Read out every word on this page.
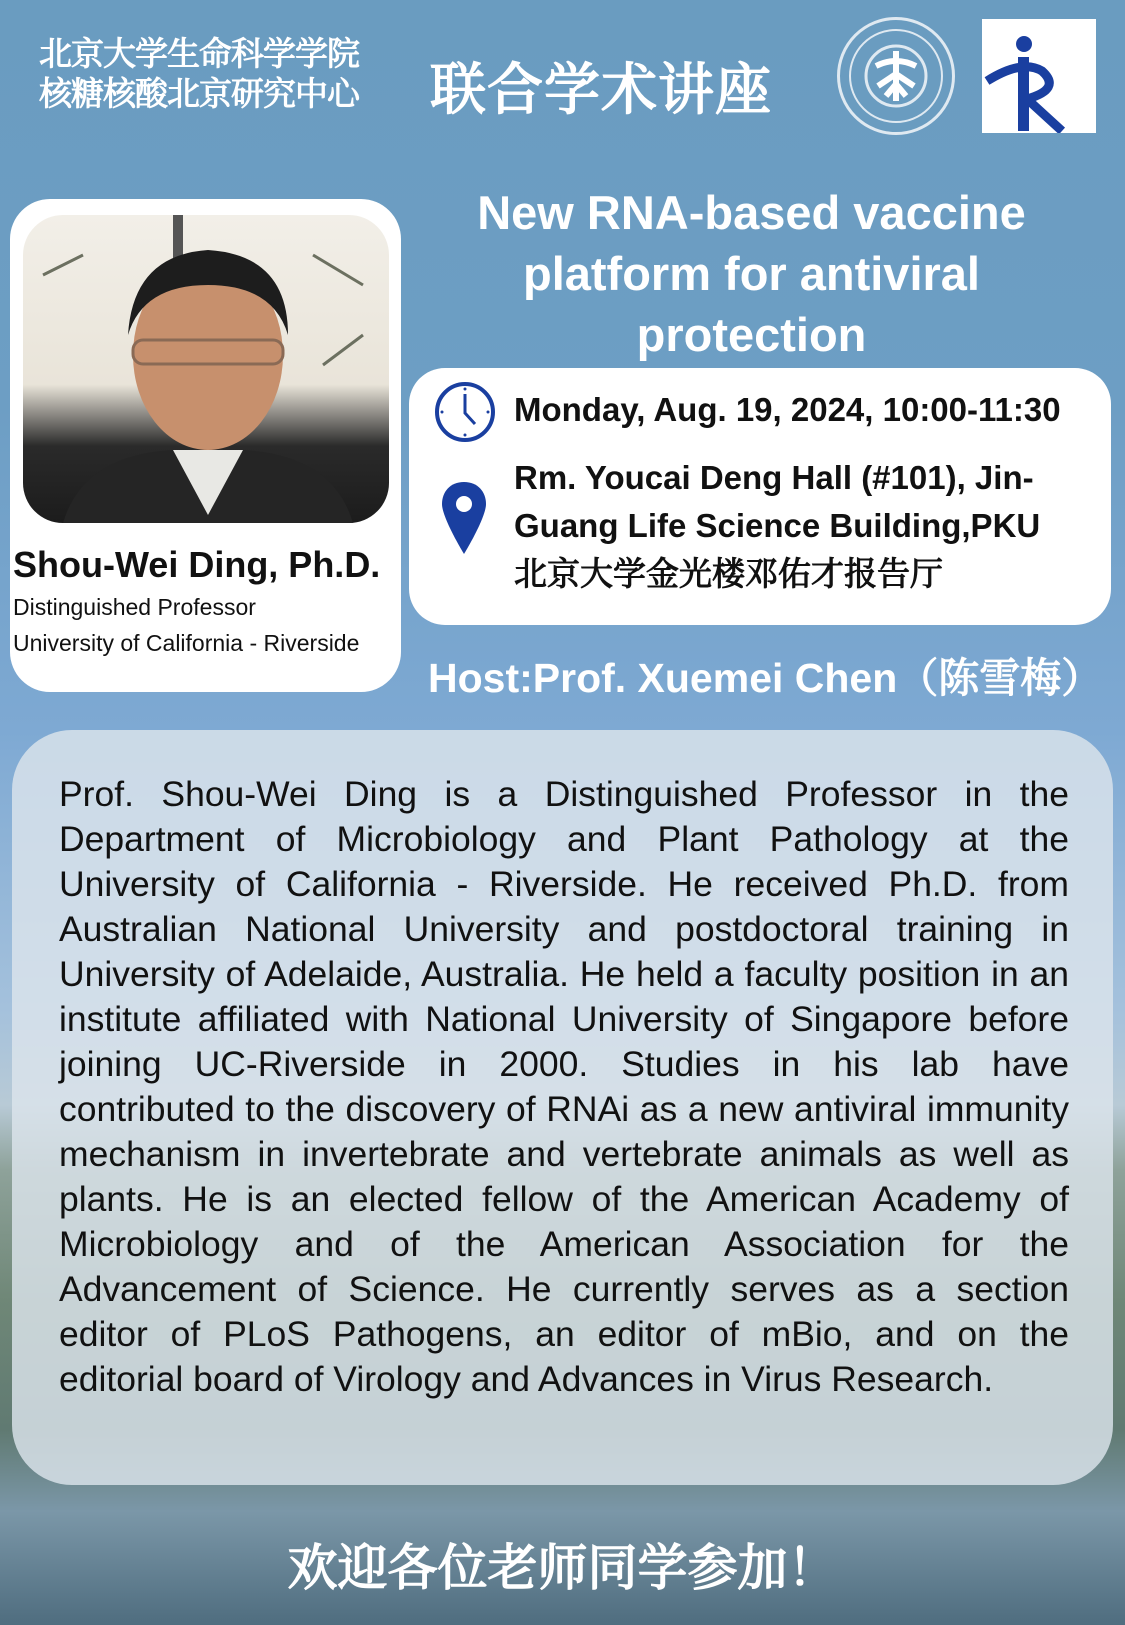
北京大学生命科学学院
核糖核酸北京研究中心 联合学术讲座
Shou-Wei Ding, Ph.D.
Distinguished Professor
University of California - Riverside
New RNA-based vaccine platform for antiviral protection
Monday, Aug. 19, 2024, 10:00-11:30
Rm. Youcai Deng Hall (#101), Jin-
Guang Life Science Building,PKU
北京大学金光楼邓佑才报告厅
Host:Prof. Xuemei Chen（陈雪梅）

Prof. Shou-Wei Ding is a Distinguished Professor in the Department of Microbiology and Plant Pathology at the University of California - Riverside. He received Ph.D. from Australian National University and postdoctoral training in University of Adelaide, Australia. He held a faculty position in an institute affiliated with National University of Singapore before joining UC-Riverside in 2000. Studies in his lab have contributed to the discovery of RNAi as a new antiviral immunity mechanism in invertebrate and vertebrate animals as well as plants. He is an elected fellow of the American Academy of Microbiology and of the American Association for the Advancement of Science. He currently serves as a section editor of PLoS Pathogens, an editor of mBio, and on the editorial board of Virology and Advances in Virus Research.

欢迎各位老师同学参加！
